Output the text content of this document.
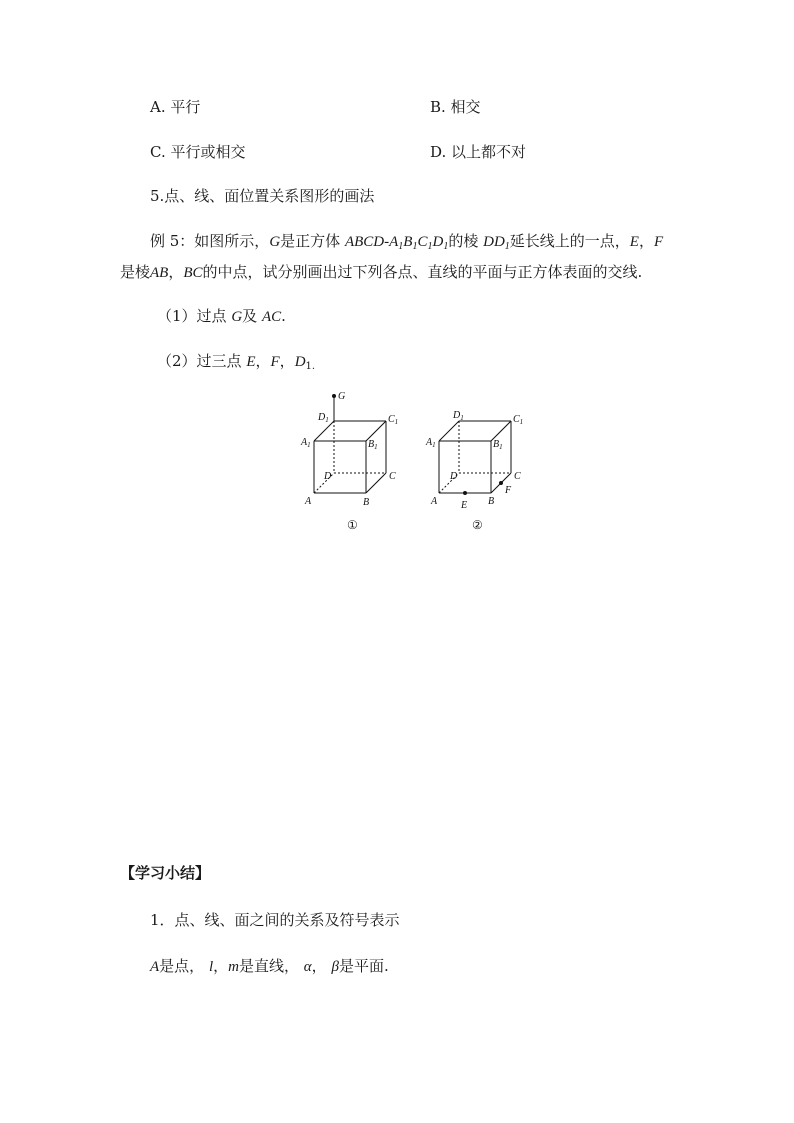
A. 平行	B. 相交
C. 平行或相交	D. 以上都不对
5.点、线、面位置关系图形的画法
例 5：如图所示，G是正方体 ABCD-$A_1B_1C_1D_1$的棱 $DD_1$延长线上的一点，E，F
是棱AB，BC的中点，试分别画出过下列各点、直线的平面与正方体表面的交线.
（1）过点 G及 AC.
（2）过三点 E，F，$D_{1.}$
G
$D_1$	$C_1$
$A_1$	$B_1$
D	C
A	B
①
$D_1$	$C_1$
$A_1$	$B_1$
D	C
A	B
E
F
②
【学习小结】
1．点、线、面之间的关系及符号表示
A是点， l，m是直线， α， β是平面.
